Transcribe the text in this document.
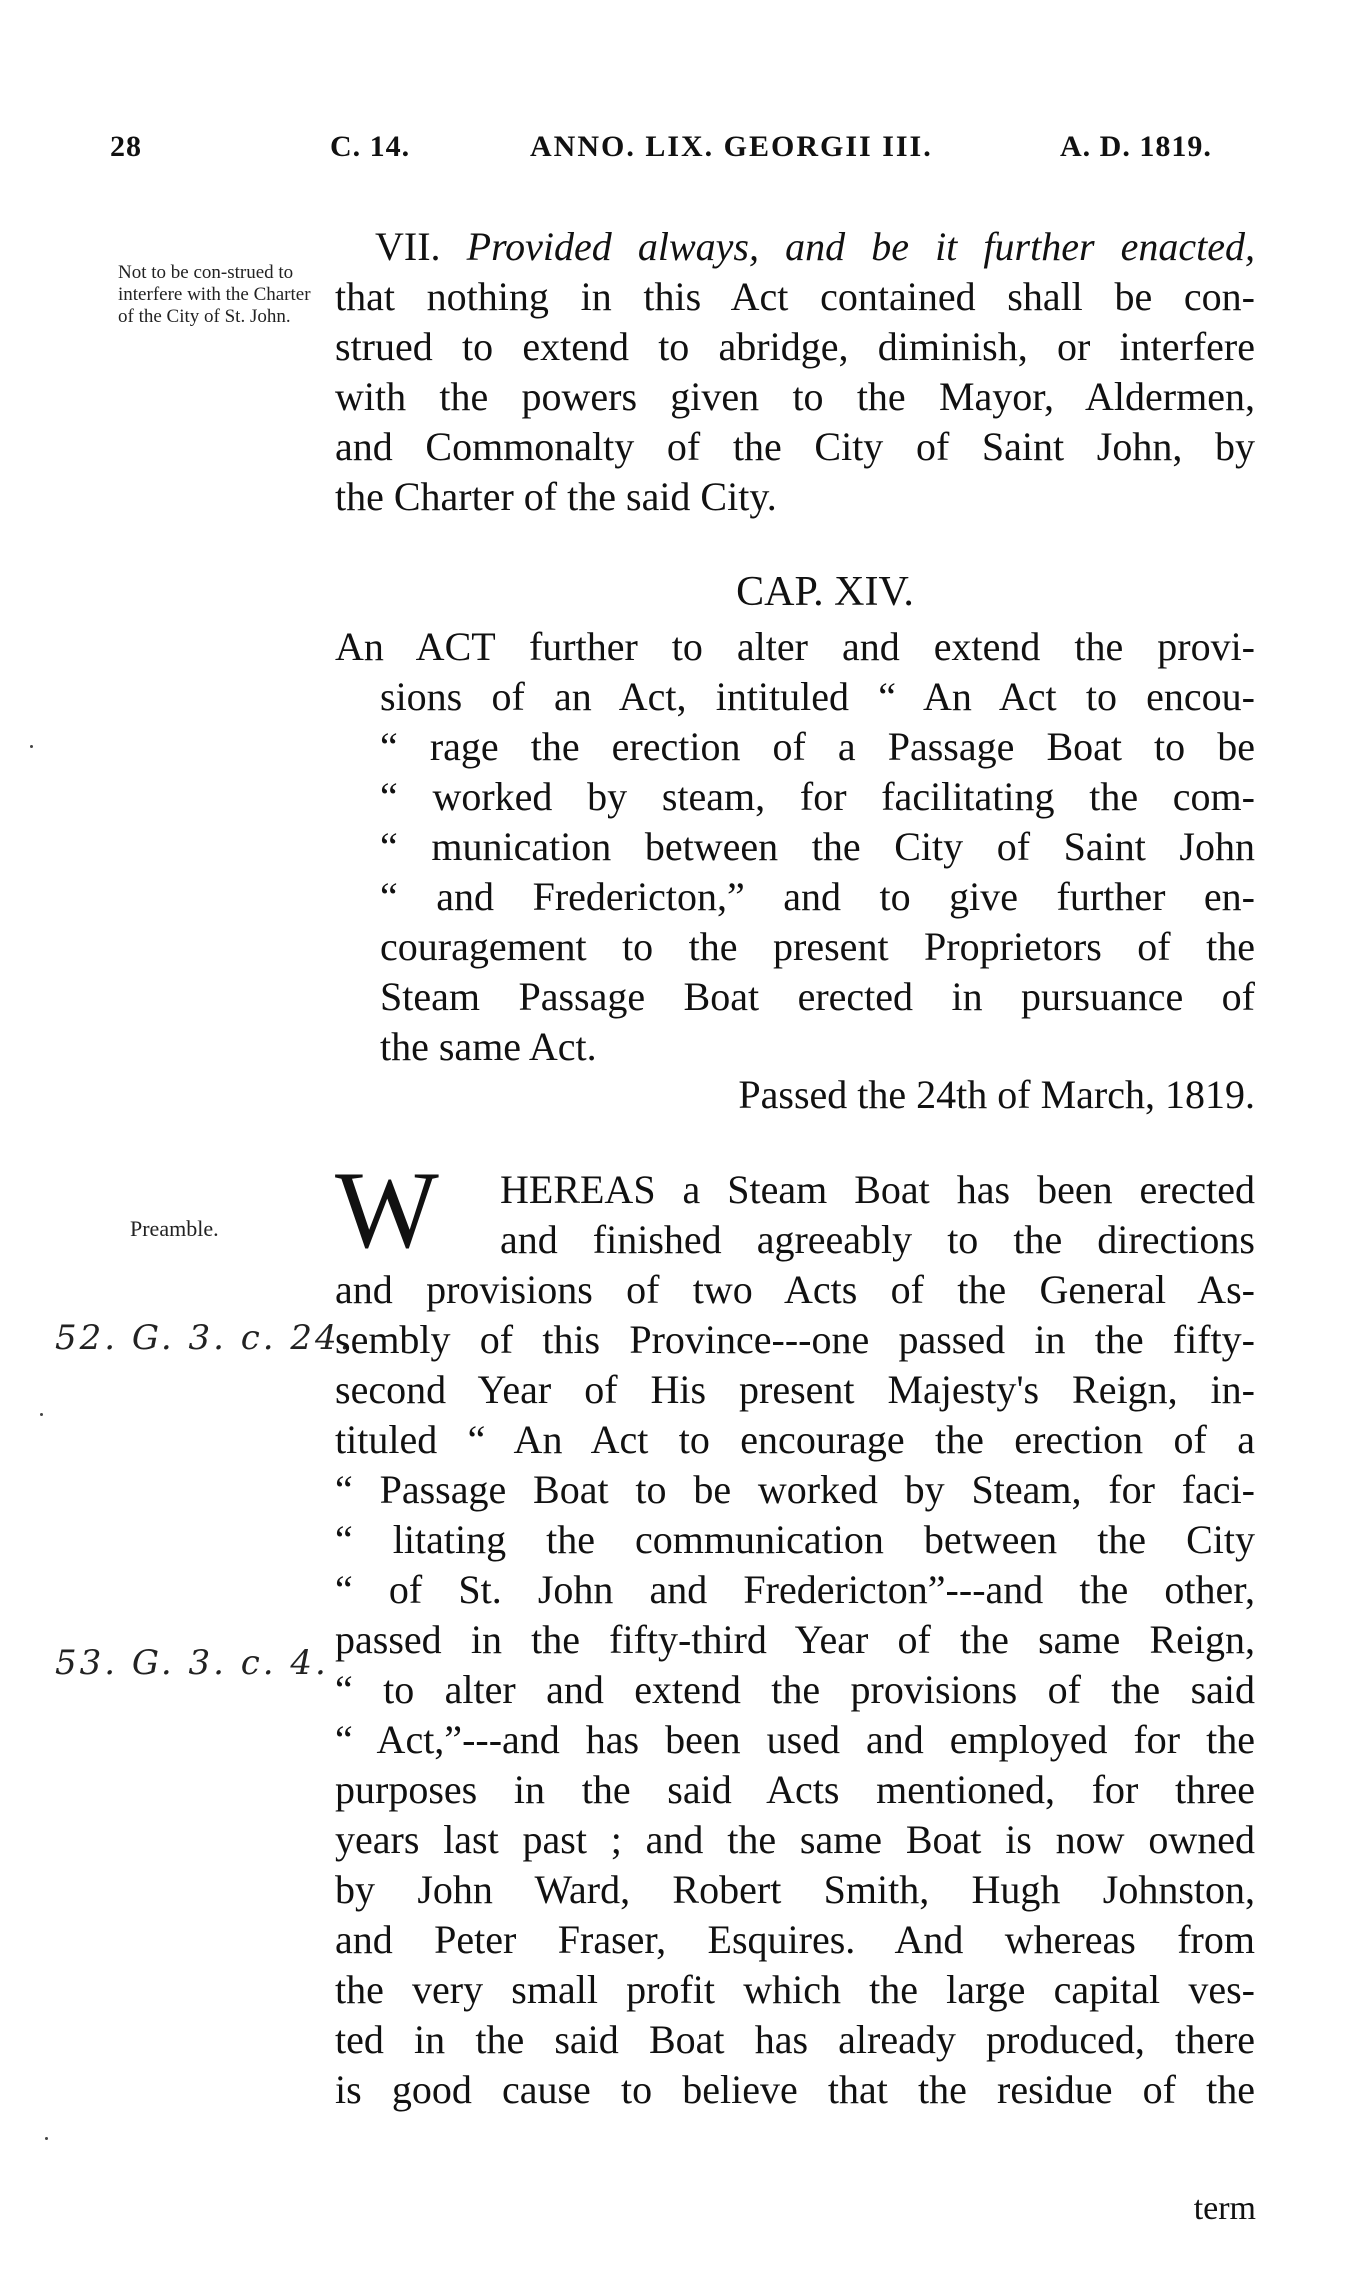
28	C. 14.	ANNO. LIX. GEORGII III.	A. D. 1819.
Not to be con-strued to interfere with the Charter of the City of St. John.
VII. Provided always, and be it further enacted,
that nothing in this Act contained shall be con-
strued to extend to abridge, diminish, or interfere
with the powers given to the Mayor, Aldermen,
and Commonalty of the City of Saint John, by
the Charter of the said City.
CAP. XIV.
An ACT further to alter and extend the provi-
sions of an Act, intituled “ An Act to encou-
“ rage the erection of a Passage Boat to be
“ worked by steam, for facilitating the com-
“ munication between the City of Saint John
“ and Fredericton,” and to give further en-
couragement to the present Proprietors of the
Steam Passage Boat erected in pursuance of
the same Act.
Passed the 24th of March, 1819.
Preamble.
52. G. 3. c. 24.
53. G. 3. c. 4.
W	HEREAS a Steam Boat has been erected
and finished agreeably to the directions
and provisions of two Acts of the General As-
sembly of this Province---one passed in the fifty-
second Year of His present Majesty's Reign, in-
tituled “ An Act to encourage the erection of a
“ Passage Boat to be worked by Steam, for faci-
“ litating the communication between the City
“ of St. John and Fredericton”---and the other,
passed in the fifty-third Year of the same Reign,
“ to alter and extend the provisions of the said
“ Act,”---and has been used and employed for the
purposes in the said Acts mentioned, for three
years last past ; and the same Boat is now owned
by John Ward, Robert Smith, Hugh Johnston,
and Peter Fraser, Esquires. And whereas from
the very small profit which the large capital ves-
ted in the said Boat has already produced, there
is good cause to believe that the residue of the
term
